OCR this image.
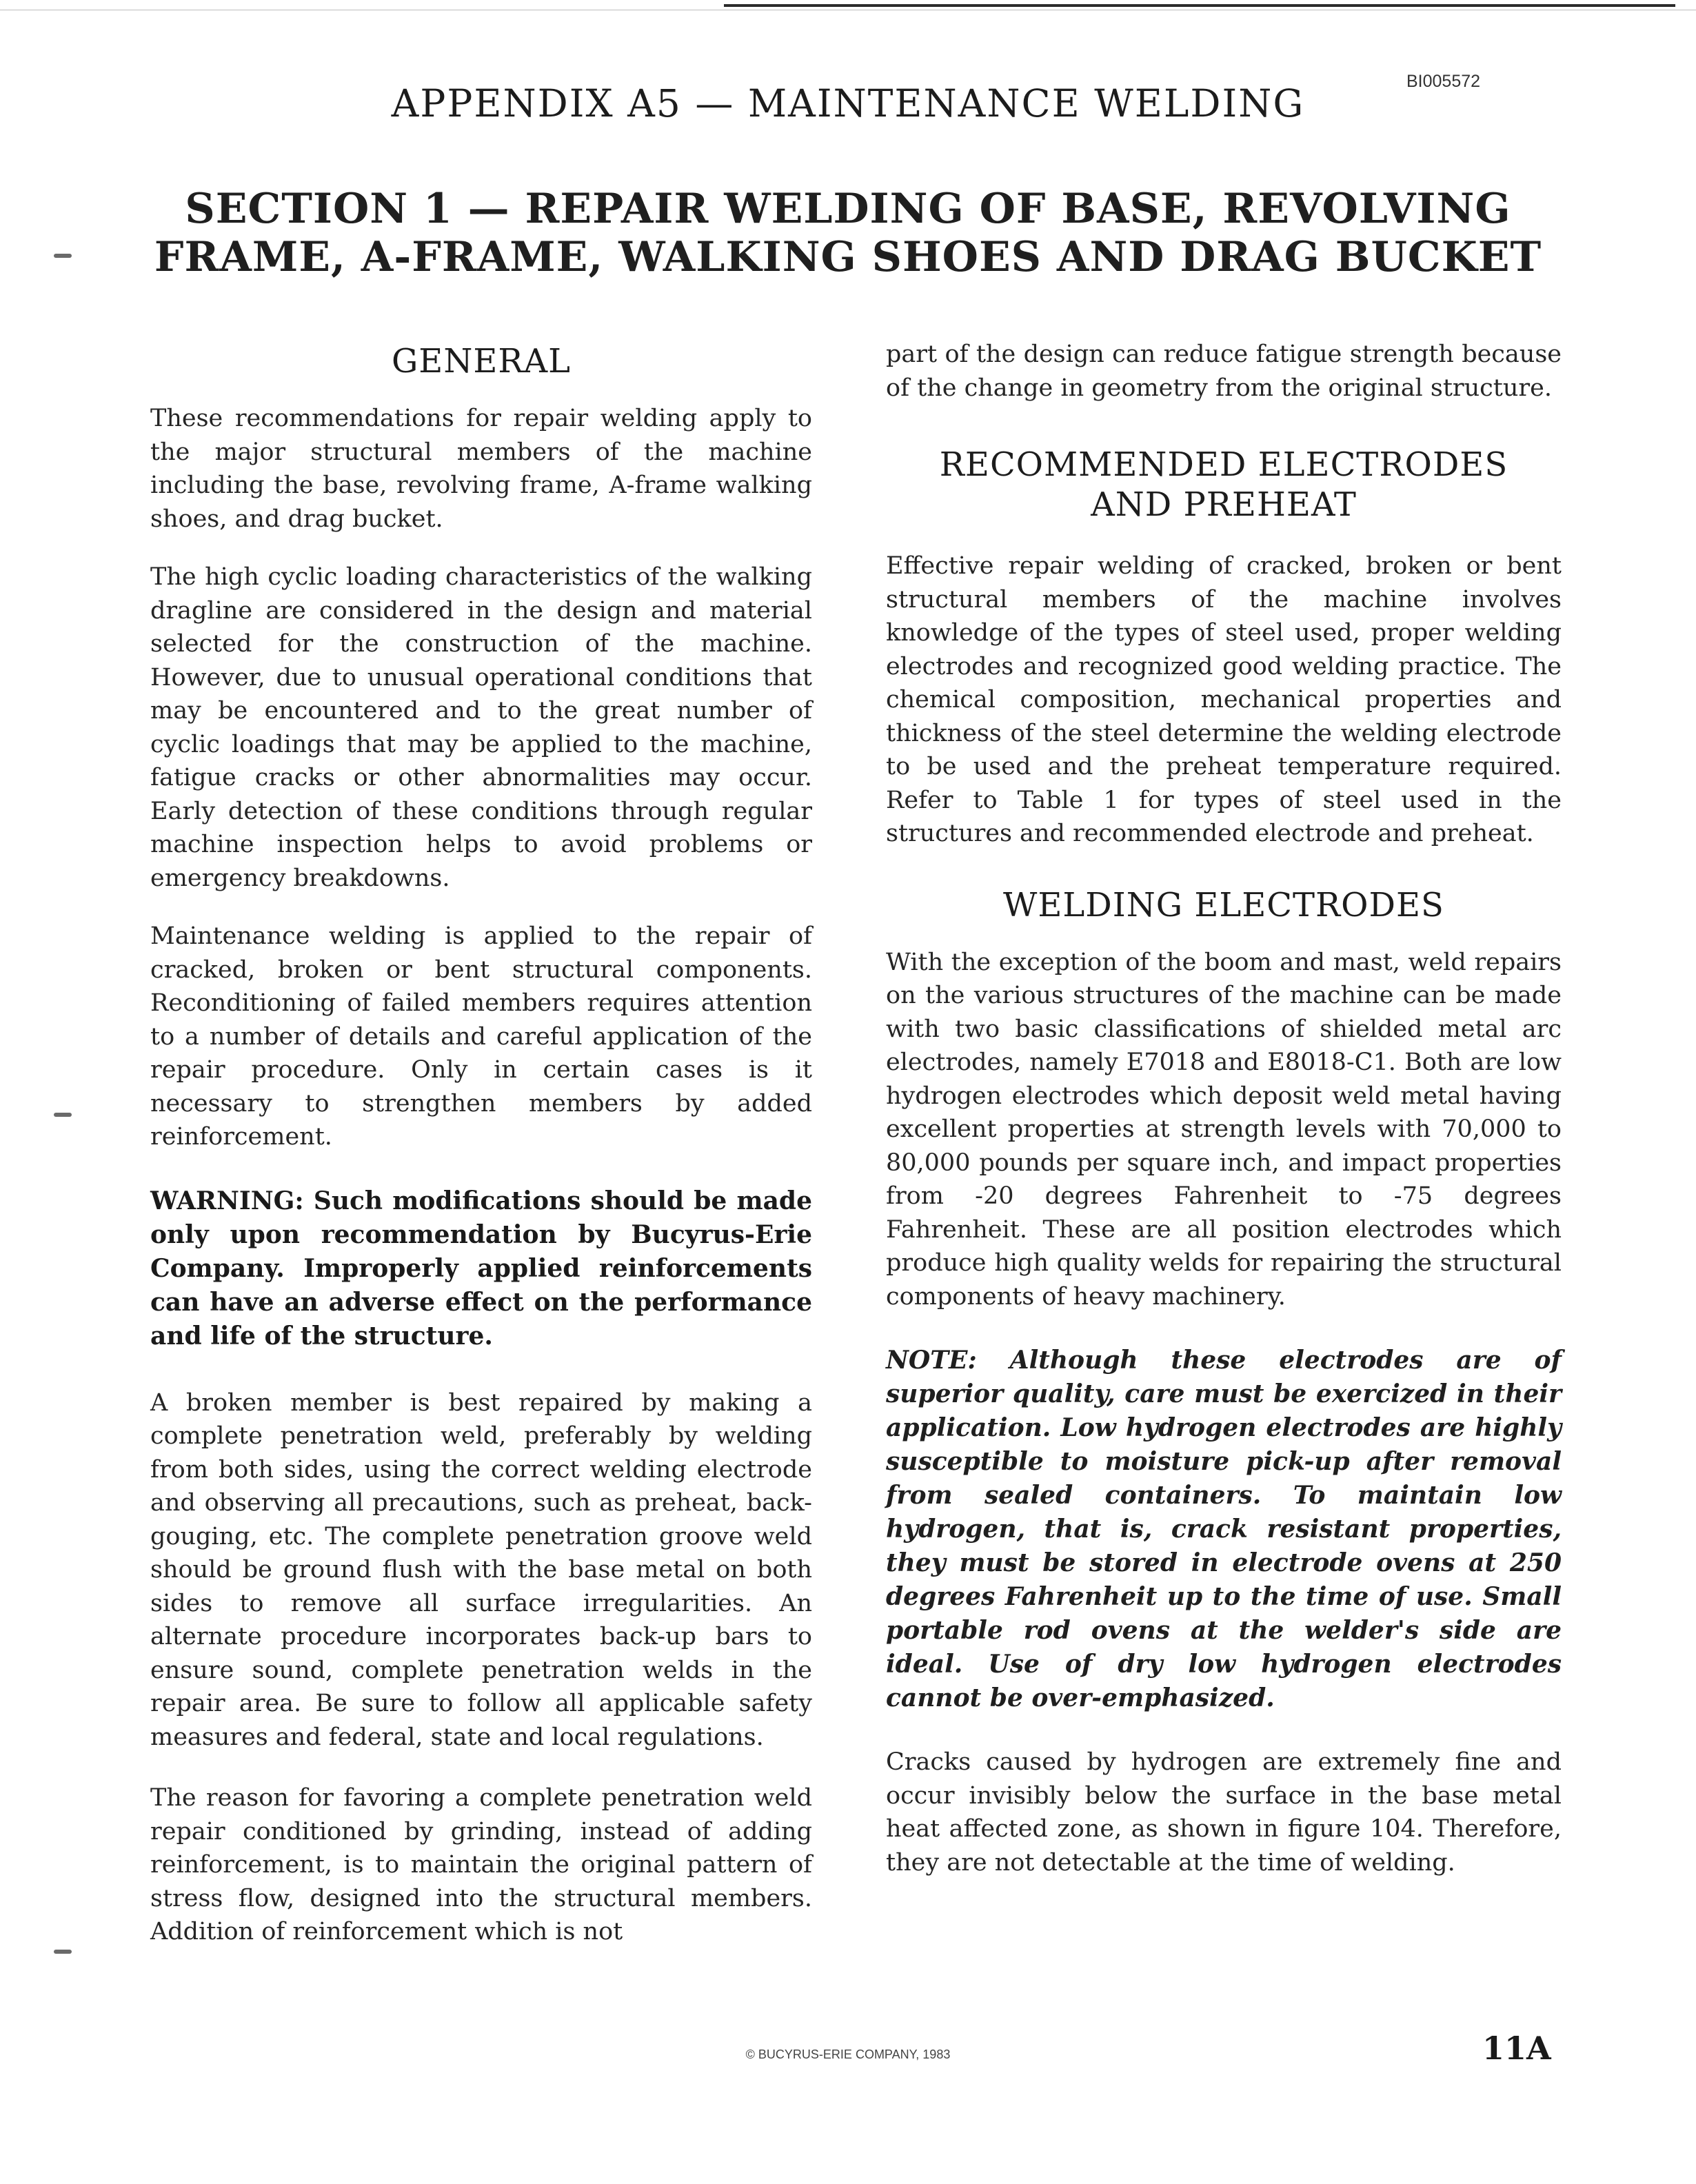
BI005572
APPENDIX A5 — MAINTENANCE WELDING
SECTION 1 — REPAIR WELDING OF BASE, REVOLVING
FRAME, A-FRAME, WALKING SHOES AND DRAG BUCKET
GENERAL

These recommendations for repair welding apply to the major structural members of the machine including the base, revolving frame, A-frame walking shoes, and drag bucket.

The high cyclic loading characteristics of the walking dragline are considered in the design and material selected for the construction of the machine. However, due to unusual operational conditions that may be encountered and to the great number of cyclic loadings that may be applied to the machine, fatigue cracks or other abnormalities may occur. Early detection of these conditions through regular machine inspection helps to avoid problems or emergency breakdowns.

Maintenance welding is applied to the repair of cracked, broken or bent structural components. Reconditioning of failed members requires attention to a number of details and careful application of the repair procedure. Only in certain cases is it necessary to strengthen members by added reinforcement.

WARNING: Such modifications should be made only upon recommendation by Bucyrus-Erie Company. Improperly applied reinforcements can have an adverse effect on the performance and life of the structure.

A broken member is best repaired by making a complete penetration weld, preferably by welding from both sides, using the correct welding electrode and observing all precautions, such as preheat, back-gouging, etc. The complete penetration groove weld should be ground flush with the base metal on both sides to remove all surface irregularities. An alternate procedure incorporates back-up bars to ensure sound, complete penetration welds in the repair area. Be sure to follow all applicable safety measures and federal, state and local regulations.

The reason for favoring a complete penetration weld repair conditioned by grinding, instead of adding reinforcement, is to maintain the original pattern of stress flow, designed into the structural members. Addition of reinforcement which is not

part of the design can reduce fatigue strength because of the change in geometry from the original structure.

RECOMMENDED ELECTRODES
AND PREHEAT

Effective repair welding of cracked, broken or bent structural members of the machine involves knowledge of the types of steel used, proper welding electrodes and recognized good welding practice. The chemical composition, mechanical properties and thickness of the steel determine the welding electrode to be used and the preheat temperature required. Refer to Table 1 for types of steel used in the structures and recommended electrode and preheat.

WELDING ELECTRODES

With the exception of the boom and mast, weld repairs on the various structures of the machine can be made with two basic classifications of shielded metal arc electrodes, namely E7018 and E8018-C1. Both are low hydrogen electrodes which deposit weld metal having excellent properties at strength levels with 70,000 to 80,000 pounds per square inch, and impact properties from -20 degrees Fahrenheit to -75 degrees Fahrenheit. These are all position electrodes which produce high quality welds for repairing the structural components of heavy machinery.

NOTE: Although these electrodes are of superior quality, care must be exercized in their application. Low hydrogen electrodes are highly susceptible to moisture pick-up after removal from sealed containers. To maintain low hydrogen, that is, crack resistant properties, they must be stored in electrode ovens at 250 degrees Fahrenheit up to the time of use. Small portable rod ovens at the welder's side are ideal. Use of dry low hydrogen electrodes cannot be over-emphasized.

Cracks caused by hydrogen are extremely fine and occur invisibly below the surface in the base metal heat affected zone, as shown in figure 104. Therefore, they are not detectable at the time of welding.

© BUCYRUS-ERIE COMPANY, 1983	11A
